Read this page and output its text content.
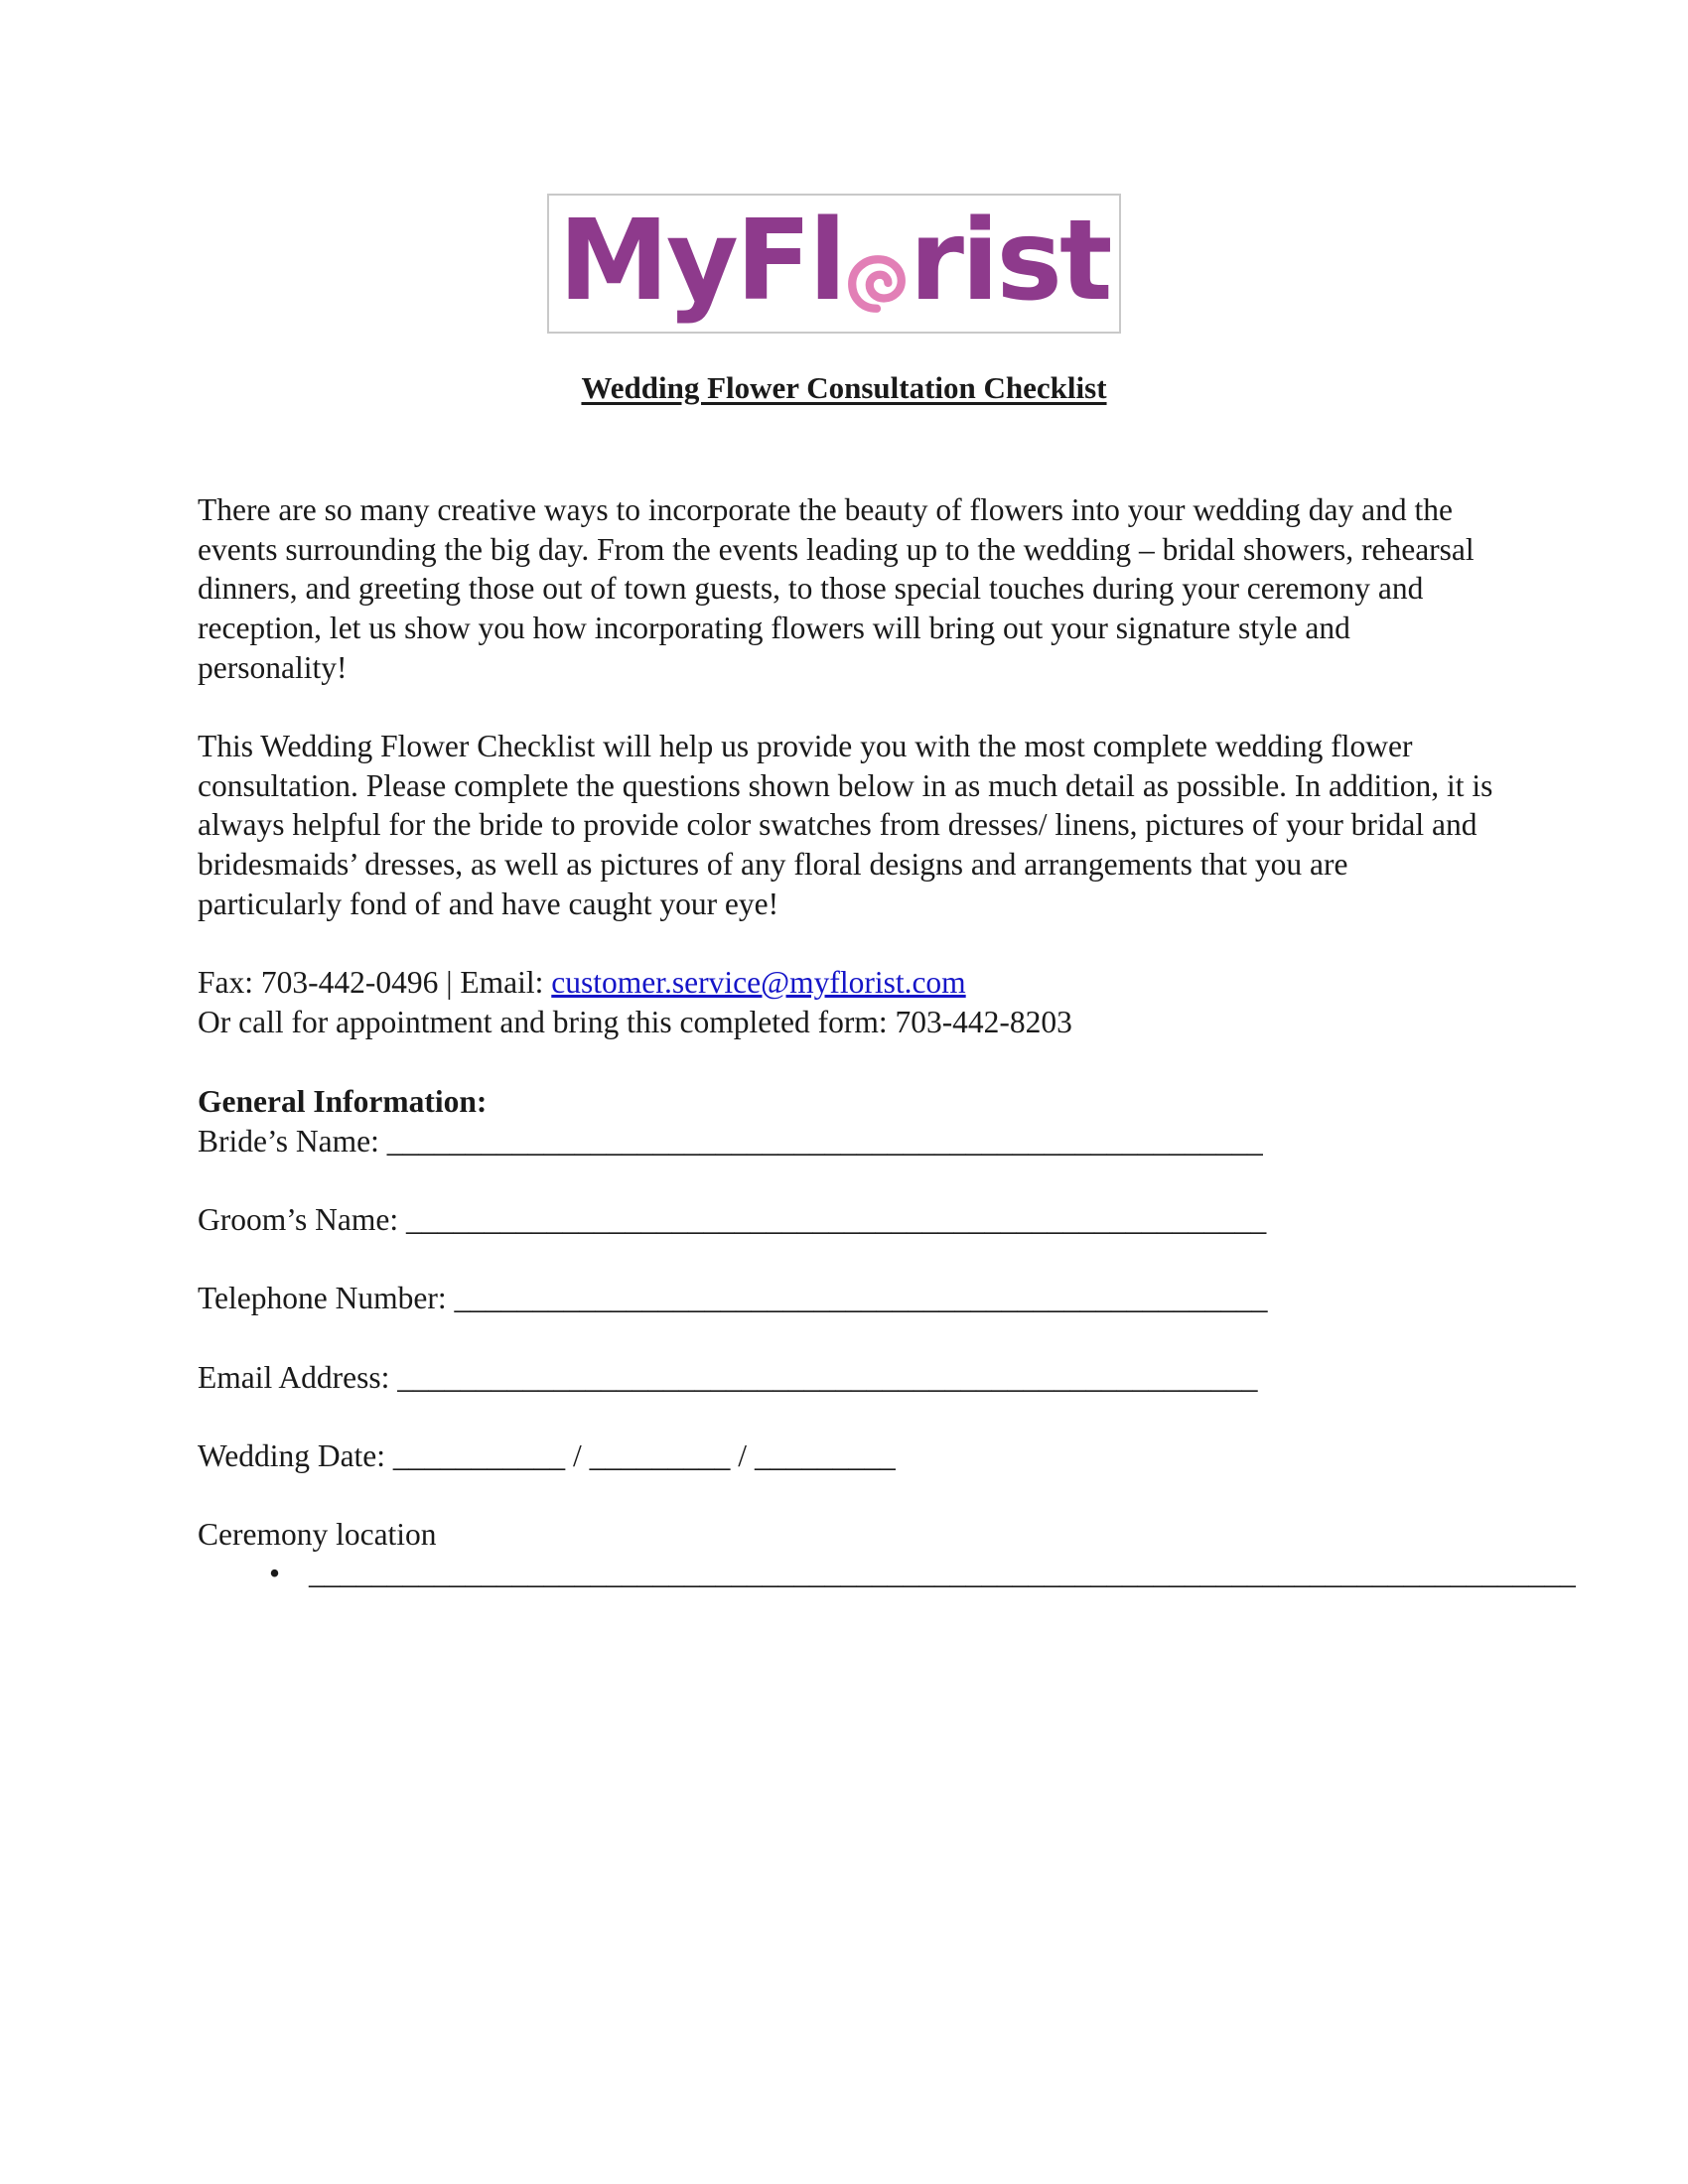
MyFl rist
Wedding Flower Consultation Checklist
There are so many creative ways to incorporate the beauty of flowers into your wedding day and the events surrounding the big day. From the events leading up to the wedding – bridal showers, rehearsal dinners, and greeting those out of town guests, to those special touches during your ceremony and reception, let us show you how incorporating flowers will bring out your signature style and personality!
This Wedding Flower Checklist will help us provide you with the most complete wedding flower consultation. Please complete the questions shown below in as much detail as possible. In addition, it is always helpful for the bride to provide color swatches from dresses/ linens, pictures of your bridal and bridesmaids’ dresses, as well as pictures of any floral designs and arrangements that you are particularly fond of and have caught your eye!
Fax: 703-442-0496 | Email: customer.service@myflorist.com
Or call for appointment and bring this completed form: 703-442-8203
General Information:
Bride’s Name: ________________________________________________________
Groom’s Name: _______________________________________________________
Telephone Number: ____________________________________________________
Email Address: _______________________________________________________
Wedding Date: ___________ / _________ / _________
Ceremony location
• _________________________________________________________________________________
